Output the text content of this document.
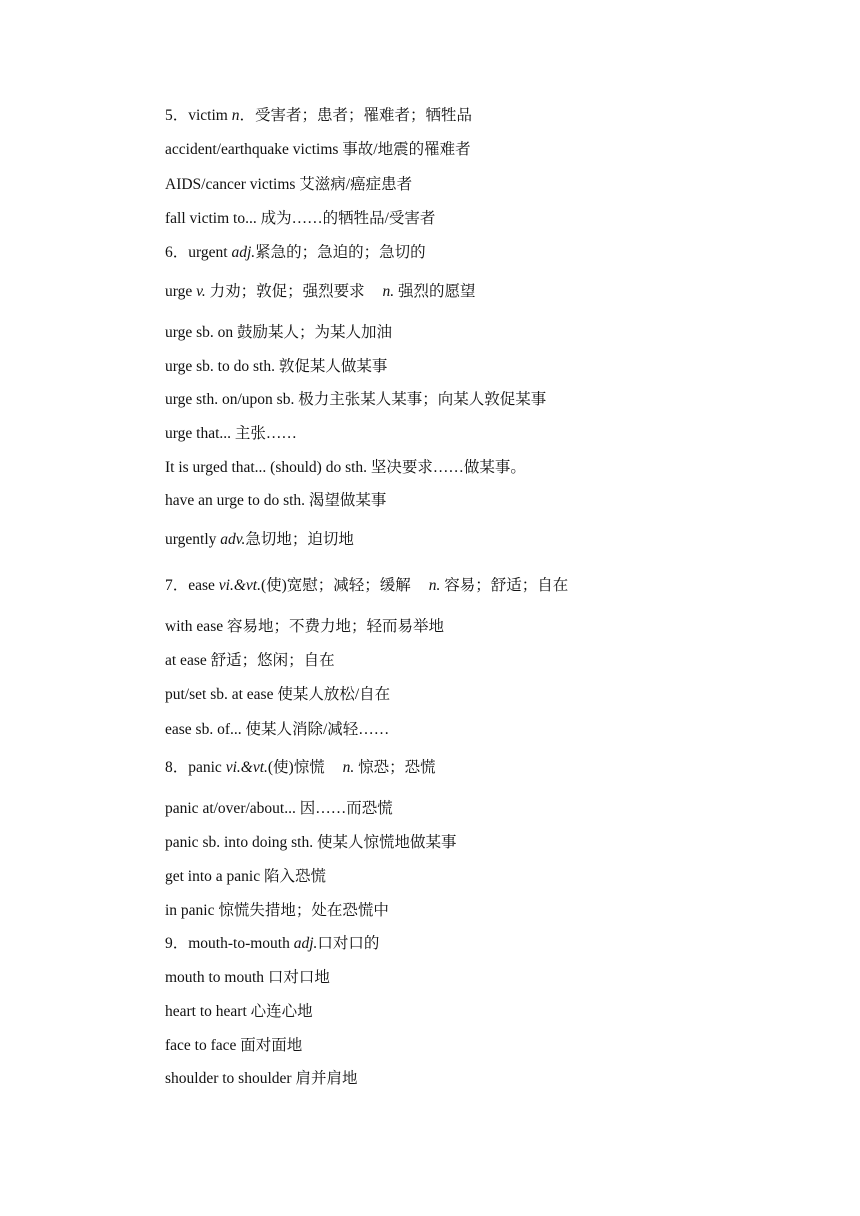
5．victim n．受害者；患者；罹难者；牺牲品
accident/earthquake victims 事故/地震的罹难者
AIDS/cancer victims 艾滋病/癌症患者
fall victim to... 成为……的牺牲品/受害者
6．urgent adj.紧急的；急迫的；急切的
urge v. 力劝；敦促；强烈要求 n. 强烈的愿望
urge sb. on 鼓励某人；为某人加油
urge sb. to do sth. 敦促某人做某事
urge sth. on/upon sb. 极力主张某人某事；向某人敦促某事
urge that... 主张……
It is urged that... (should) do sth. 坚决要求……做某事。
have an urge to do sth. 渴望做某事
urgently adv.急切地；迫切地
7．ease vi.&vt.(使)宽慰；减轻；缓解 n. 容易；舒适；自在
with ease 容易地；不费力地；轻而易举地
at ease 舒适；悠闲；自在
put/set sb. at ease 使某人放松/自在
ease sb. of... 使某人消除/减轻……
8．panic vi.&vt.(使)惊慌 n. 惊恐；恐慌
panic at/over/about... 因……而恐慌
panic sb. into doing sth. 使某人惊慌地做某事
get into a panic 陷入恐慌
in panic 惊慌失措地；处在恐慌中
9．mouth-to-mouth adj.口对口的
mouth to mouth 口对口地
heart to heart 心连心地
face to face 面对面地
shoulder to shoulder 肩并肩地
